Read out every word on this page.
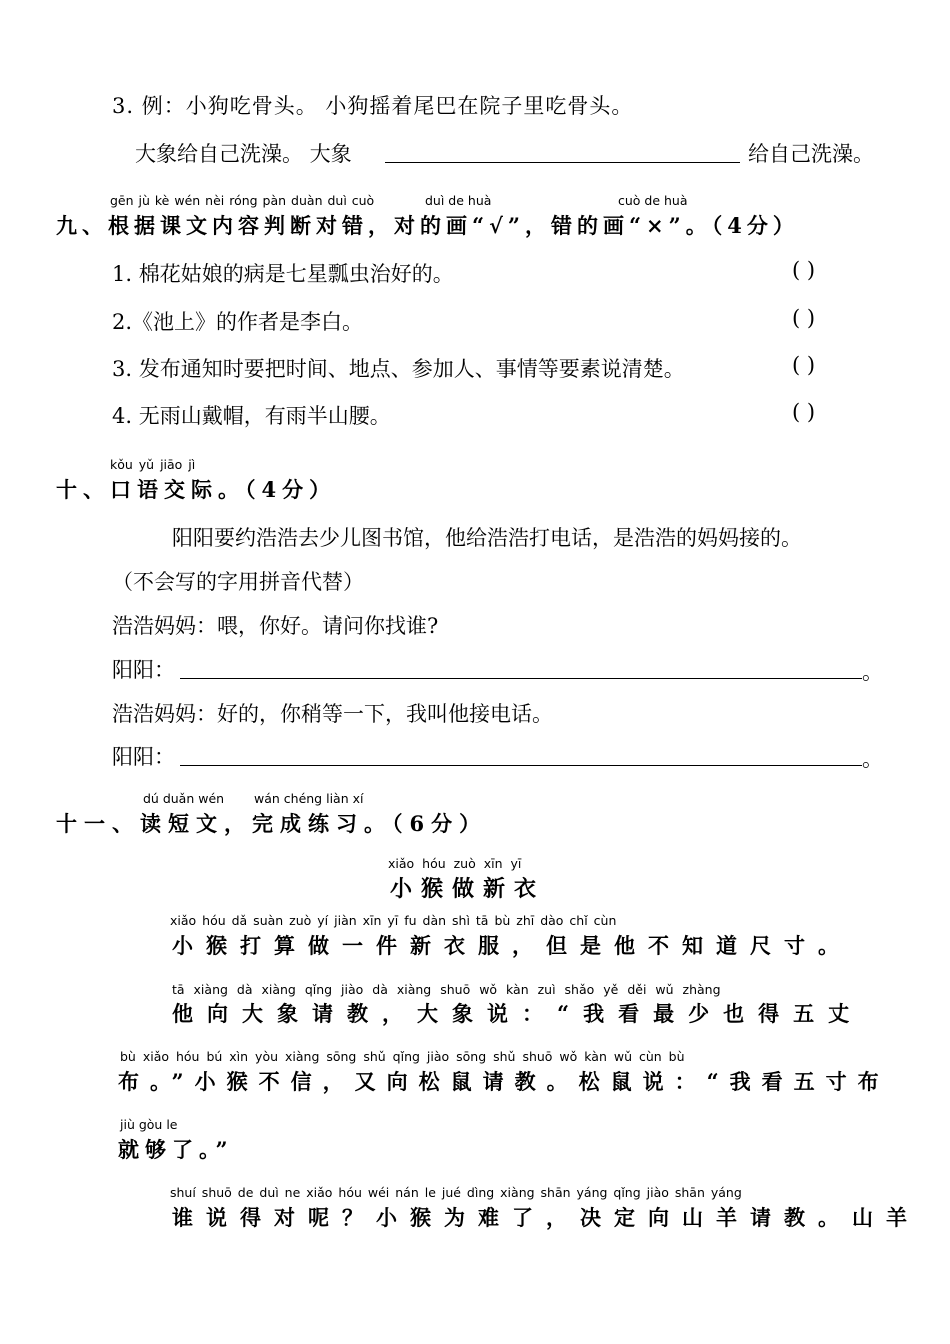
3. 例：小狗吃骨头。 小狗摇着尾巴在院子里吃骨头。
大象给自己洗澡。 大象	给自己洗澡。
gēn jù kè wén nèi róng pàn duàn duì cuò	duì de huà	cuò de huà
九、根据课文内容判断对错，对的画“√”，错的画“×”。（4分）
1. 棉花姑娘的病是七星瓢虫治好的。	( )
2.《池上》的作者是李白。	( )
3. 发布通知时要把时间、地点、参加人、事情等要素说清楚。	( )
4. 无雨山戴帽，有雨半山腰。	( )
kǒu yǔ jiāo jì
十、口语交际。（4分）
阳阳要约浩浩去少儿图书馆，他给浩浩打电话，是浩浩的妈妈接的。
（不会写的字用拼音代替）
浩浩妈妈：喂，你好。请问你找谁?
阳阳：	。
浩浩妈妈：好的，你稍等一下，我叫他接电话。
阳阳：	。
dú duǎn wén wán chéng liàn xí
十一、读短文，完成练习。（6分）
xiǎo hóu zuò xīn yī
小猴做新衣
xiǎo hóu dǎ suàn zuò yí jiàn xīn yī fu dàn shì tā bù zhī dào chǐ cùn
小猴打算做一件新衣服，但是他不知道尺寸。
tā xiàng dà xiàng qǐng jiào dà xiàng shuō wǒ kàn zuì shǎo yě děi wǔ zhàng
他向大象请教，大象说：“我看最少也得五丈
bù xiǎo hóu bú xìn yòu xiàng sōng shǔ qǐng jiào sōng shǔ shuō wǒ kàn wǔ cùn bù
布。”小猴不信，又向松鼠请教。松鼠说：“我看五寸布
jiù gòu le
就够了。”
shuí shuō de duì ne xiǎo hóu wéi nán le jué dìng xiàng shān yáng qǐng jiào shān yáng
谁说得对呢？小猴为难了，决定向山羊请教。山羊
